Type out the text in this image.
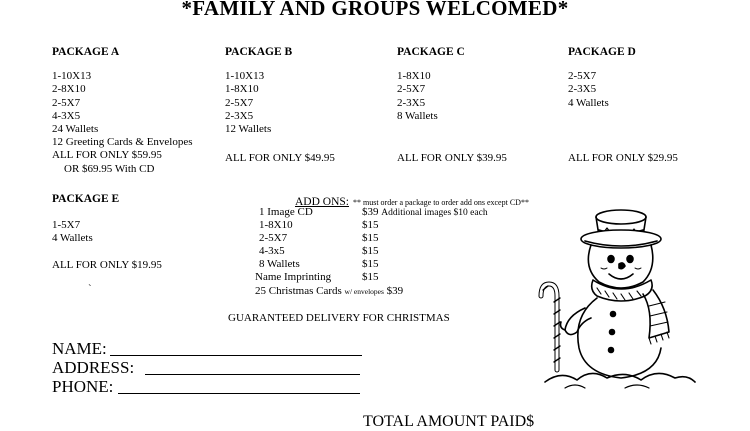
*FAMILY AND GROUPS WELCOMED*
PACKAGE A
1-10X13
2-8X10
2-5X7
4-3X5
24 Wallets
12 Greeting Cards & Envelopes
ALL FOR ONLY $59.95
OR $69.95 With CD
PACKAGE B
1-10X13
1-8X10
2-5X7
2-3X5
12 Wallets
ALL FOR ONLY $49.95
PACKAGE C
1-8X10
2-5X7
2-3X5
8 Wallets
ALL FOR ONLY $39.95
PACKAGE D
2-5X7
2-3X5
4 Wallets
ALL FOR ONLY $29.95
PACKAGE E
1-5X7
4 Wallets
ALL FOR ONLY $19.95
ADD ONS: ** must order a package to order add ons except CD**
1 Image CD	$39 Additional images $10 each
1-8X10	$15
2-5X7	$15
4-3x5	$15
8 Wallets	$15
Name Imprinting	$15
25 Christmas Cards w/ envelopes $39
`
GUARANTEED DELIVERY FOR CHRISTMAS
NAME:
ADDRESS:
PHONE:
TOTAL AMOUNT PAID$
